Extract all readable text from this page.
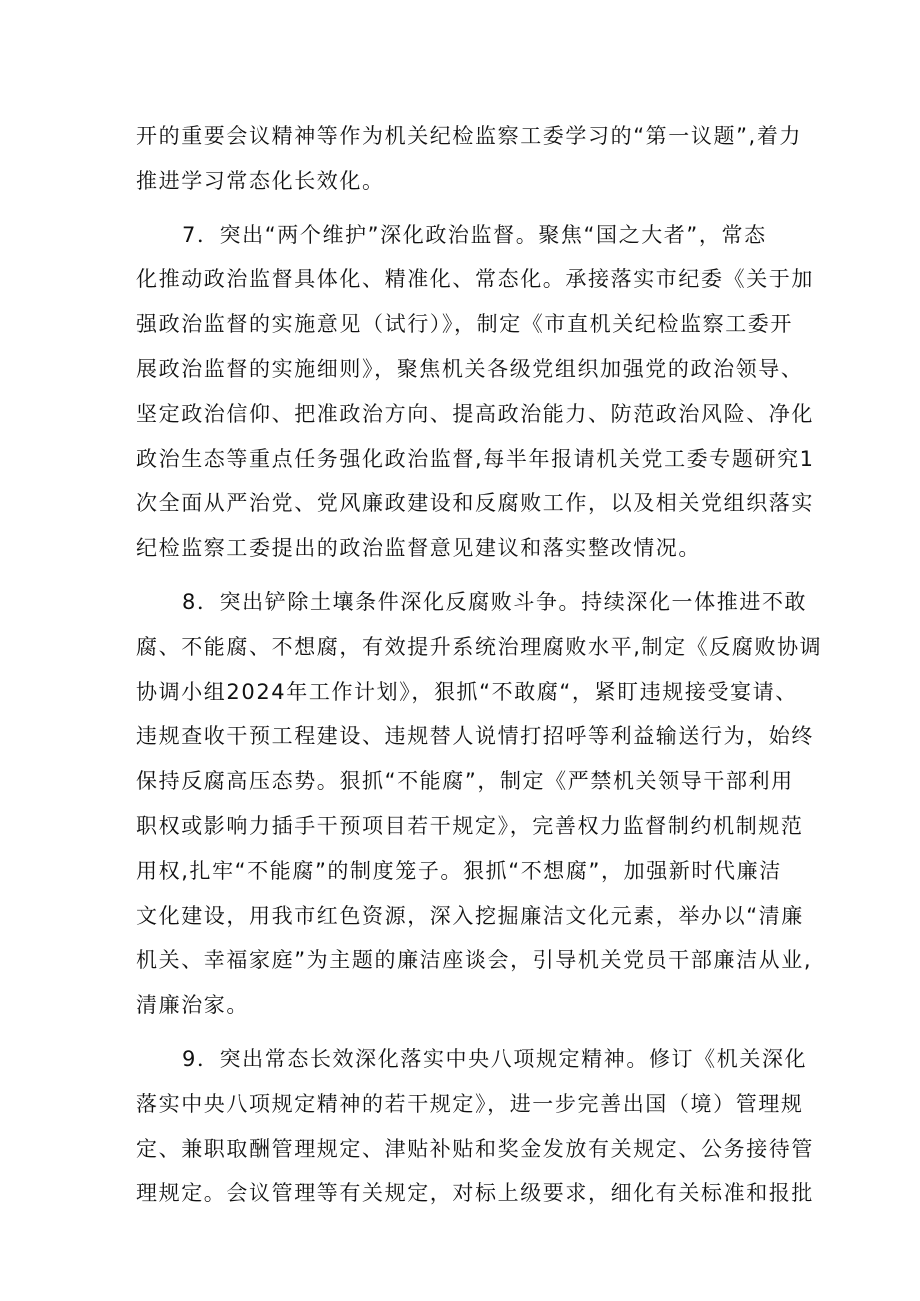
开的重要会议精神等作为机关纪检监察工委学习的“第一议题”,着力
推进学习常态化长效化。

7．突出“两个维护”深化政治监督。聚焦“国之大者”，常态
化推动政治监督具体化、精准化、常态化。承接落实市纪委《关于加
强政治监督的实施意见（试行）》，制定《市直机关纪检监察工委开
展政治监督的实施细则》，聚焦机关各级党组织加强党的政治领导、
坚定政治信仰、把准政治方向、提高政治能力、防范政治风险、净化
政治生态等重点任务强化政治监督,每半年报请机关党工委专题研究1
次全面从严治党、党风廉政建设和反腐败工作，以及相关党组织落实
纪检监察工委提出的政治监督意见建议和落实整改情况。

8．突出铲除土壤条件深化反腐败斗争。持续深化一体推进不敢
腐、不能腐、不想腐，有效提升系统治理腐败水平,制定《反腐败协调
协调小组2024年工作计划》，狠抓“不敢腐“，紧盯违规接受宴请、
违规查收干预工程建设、违规替人说情打招呼等利益输送行为，始终
保持反腐高压态势。狠抓“不能腐”，制定《严禁机关领导干部利用
职权或影响力插手干预项目若干规定》，完善权力监督制约机制规范
用权,扎牢“不能腐”的制度笼子。狠抓“不想腐”，加强新时代廉洁
文化建设，用我市红色资源，深入挖掘廉洁文化元素，举办以“清廉
机关、幸福家庭”为主题的廉洁座谈会，引导机关党员干部廉洁从业,
清廉治家。

9．突出常态长效深化落实中央八项规定精神。修订《机关深化
落实中央八项规定精神的若干规定》，进一步完善出国（境）管理规
定、兼职取酬管理规定、津贴补贴和奖金发放有关规定、公务接待管
理规定。会议管理等有关规定，对标上级要求，细化有关标准和报批
